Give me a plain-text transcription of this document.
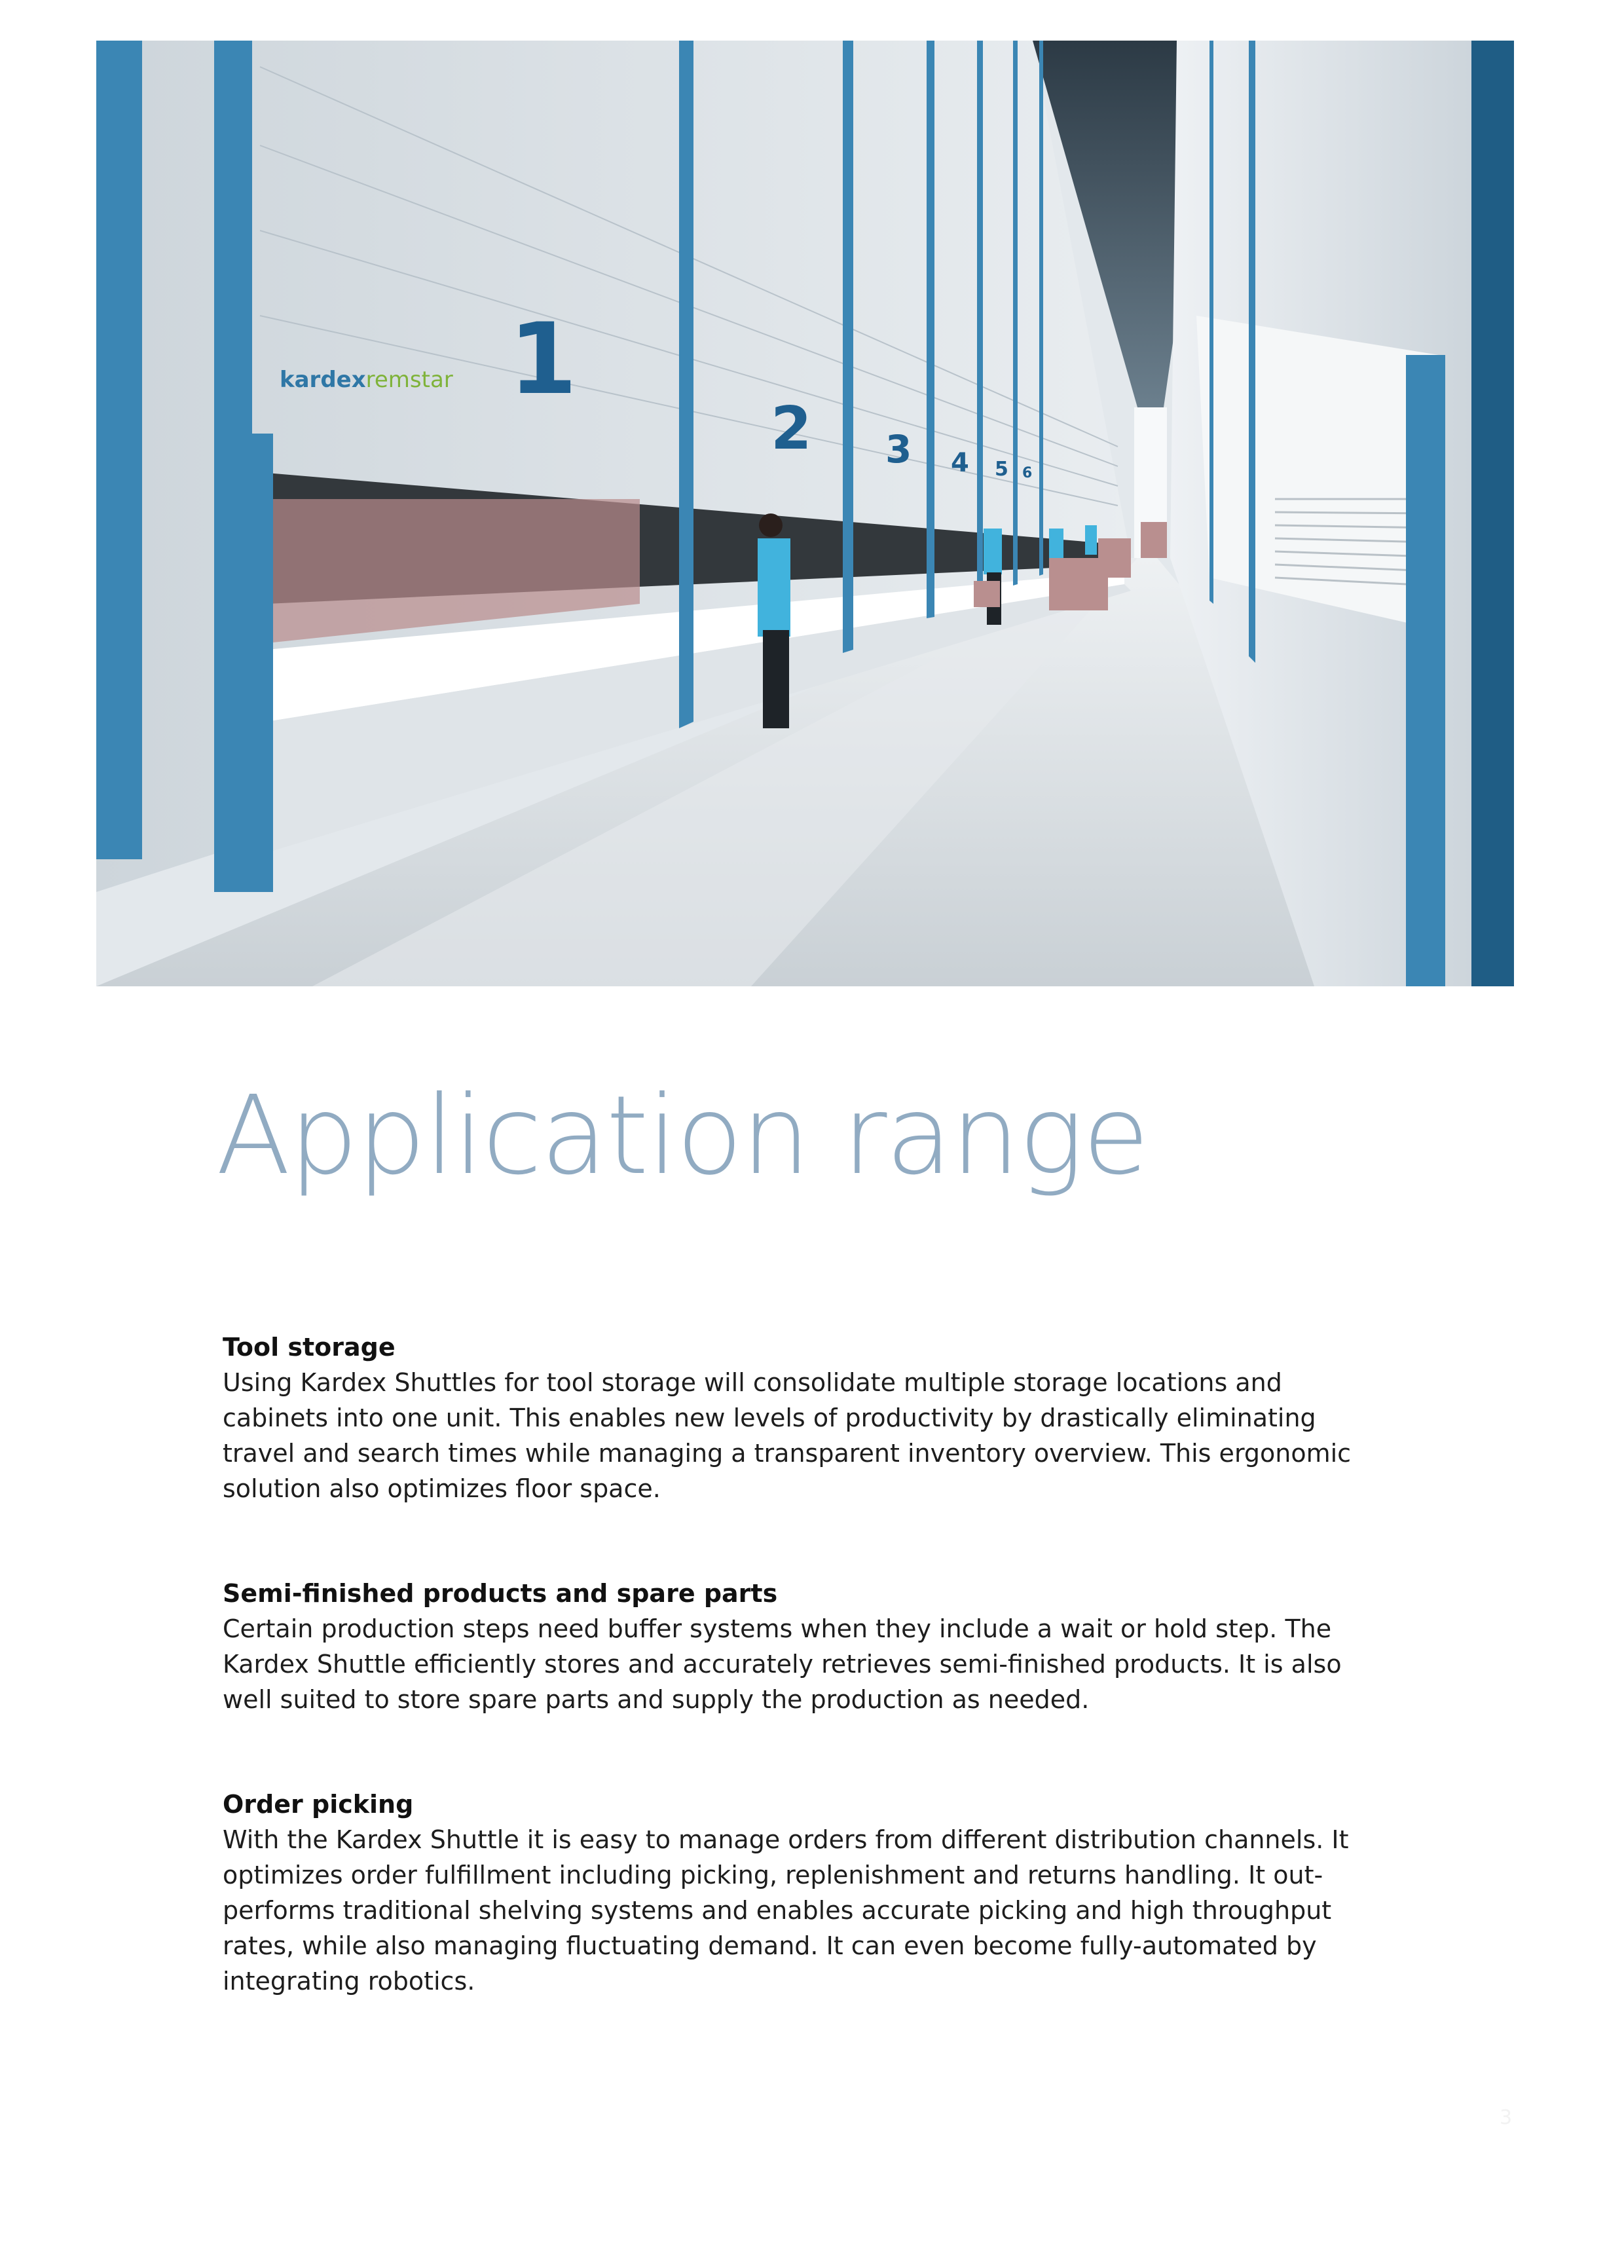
kardexremstar 1
2 3 4 5 6
Application range
Tool storage

Using Kardex Shuttles for tool storage will consolidate multiple storage locations and cabinets into one unit. This enables new levels of productivity by drastically eliminating travel and search times while managing a transparent inventory overview. This ergonomic solution also optimizes floor space.

Semi-finished products and spare parts

Certain production steps need buffer systems when they include a wait or hold step. The Kardex Shuttle efficiently stores and accurately retrieves semi-finished products. It is also well suited to store spare parts and supply the production as needed.

Order picking

With the Kardex Shuttle it is easy to manage orders from different distribution channels. It optimizes order fulfillment including picking, replenishment and returns handling. It out-performs traditional shelving systems and enables accurate picking and high throughput rates, while also managing fluctuating demand. It can even become fully-automated by integrating robotics.

3
